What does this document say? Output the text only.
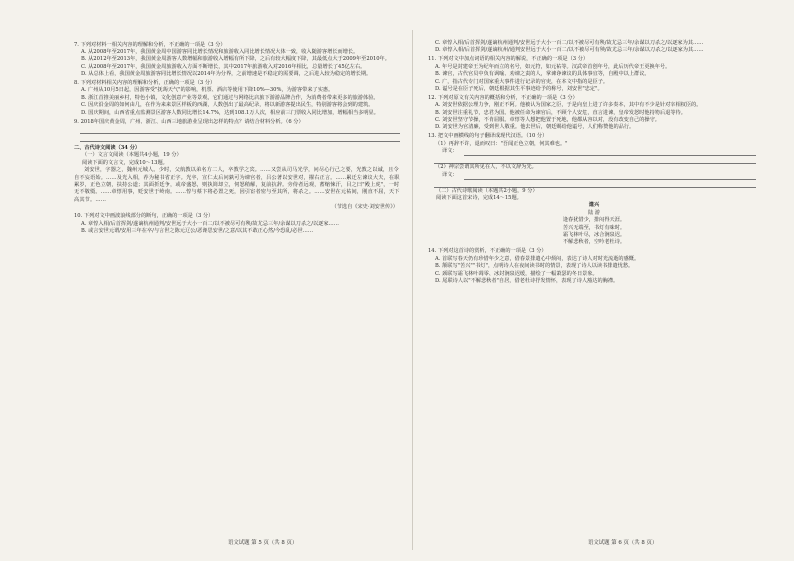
7. 下列对材料一相关内容的理解和分析，不正确的一项是（3 分）

A. 从2008年至2017年，我国黄金周中国游客同比增长情况和旅游收入同比增长情况大体一致，收入随游客增长而增长。

B. 从2012年至2013年，我国黄金周游客人数增幅和旅游收入增幅有所下降，之后有较大幅度下降，其最低点大于2009年至2010年。

C. 从2008年至2017年，我国黄金周旅游收入方面不断增长，其中2017年旅游收入对2016年相比，总量增长了45亿左右。

D. 从总体上看，我国黄金周旅游客同比增长情况以2014年为分界，之前增速是不稳定的需要调，之后进入较为稳定的增长期。

8. 下列对材料相关内容的理解和分析，正确的一项是（3 分）

A. 广州从10月5日起，因游客受"抚蒟天气"的影响，机票、酒店等使用下降10%—30%，为游客带来了实惠。

B. 浙江首推美丽乡村，特色小镇，文化创意产业等景观，它们通过与网络比店旅下游游品牌合作，为消费者带来更多的旅游体验。

C. 因庆沿金周的如何由几，在作为来来景区样板的西湖，人数创出了最高纪录，将以新游客提出民生，特别游客将会到的建筑。

D. 国庆期间，山西省重点监测景区游客人数同比增长14.7%，达到108.1万人次，相应前三门票收入同比增加，增幅相当多明显。

9. 2018年国庆黄金周，广州、浙江、山西三地旅游业呈现出怎样的特点？请结合材料分析。（6 分）

二、古代诗文阅读（34 分）

（一）文言文阅读（本题共4小题，19 分）

阅读下面的文言文，完成10～13题。

刘安世，字器之，魏州元城人。少时，父航教以弟名方二人，卒教学之宾。……又尝从司马光学，问尽心行己之要，光教之以诚，且令自不妄语始。……及光入相，荐为秘书省正字。光卒，宣仁太后问孰可为谏官者，吕公著以安世对，擢右正言。……累迁左谏议大夫，在职累岁，正色立朝，扶持公道；其面折廷争，或帝盛怒，则执简却立，伺怒稍解，复前抗辞。旁侍者远观，蓄缩悚汗，目之曰"殿上虎"，一时无不敬慑。……章惇用事，贬安世于岭南。……惇与蔡卞将必置之死，因引宦者密与至其所，将杀之。……安世在元祐间，刚直不屈，天下高其节。……

（节选自《宋史·刘安世传》）

10. 下列对文中画波浪线部分的断句，正确的一项是（3 分）

A. 章惇入相/后首挥剑/遂谪杭州通判/安世远于大小一百二/以不被尽可有殃/故尤忌三年/余谋以刀杀之/以逐家……

B. 或言安世元谓/安用三年在卒/与言世之陈元辽公/恶谗思安世/之意/以其不敢正心然/今恐乱/必世……

C. 章惇入相/后首挥剑/遂谪杭州通判/安世远于大小一百二/以不被尽可有殃/故尤忌三年/余谋以刀杀之/以逐家为其……

D. 章惇入相/后首挥剑/遂谪杭州/通判安世远于大小一百二/以不被尽可有殃/故尤忌三年/余谋以刀杀之/以逐家为其……

11. 下列对文中加点词语的相关内容的解说，不正确的一项是（3 分）

A. 年号是封建帝王为纪年而立的名号，如元符，如元祐等。汉武帝首创年号，此后历代帝王更换年号。

B. 谏官，古代官员中负有讽喻、劝谏之责的人，掌谏诤谏议的具体事宜等，自殿中以上群议。

C. 广，指古代专门对国家重大事件进行记录的官吏，在本文中指的是臣子。

D. 谥号是在臣子死后，朝廷根据其生平事迹给予的称号，刘安世"忠定"。

12. 下列对原文有关内容的概括和分析，不正确的一项是（3 分）

A. 刘安世依据公理力争，刚正不阿。他被认为国家之臣，于是向皇上进了许多奏本，其中有不少是针对宰相权臣的。

B. 刘安世注重礼节，忠君为国。他被任命为谏官后，不顾个人安危，直言进谏，皇帝发怒时他持笏后退等待。

C. 刘安世坚守节操，不肯屈服。章惇等人想把他置于死地，他都从容以对，没有改变自己的操守。

D. 刘安世为官清廉，受到世人敬重。他去世后，朝廷赐给他谥号，人们称赞他的品行。

13. 把文中画横线的句子翻译成现代汉语。（10 分）

（1）再辞不许，退而叹曰："吾闻正色立朝，何其难也。"

译文：

（2）神宗尝谓其所见在人，不以文辞为先。

译文：

（二）古代诗歌阅读（本题共2小题，9 分）

阅读下面这首宋诗，完成14～15题。

遣兴

陆 游

逢春犹惜少，排闷得天涯。

苦兴无端至，书灯有味时。

霜飞林叶尽，冰合涧泉迟。

不解悲秋者，空吟老杜诗。

14. 下列对这首诗的赏析，不正确的一项是（3 分）

A. 首联写春天仍有珍惜年少之意，借春景排遣心中烦闷，表达了诗人对时光流逝的感慨。

B. 颔联写"苦兴""书灯"，点明诗人在夜间读书时的情景，表现了诗人以读书排遣忧愁。

C. 颈联写霜飞林叶凋零、冰封涧泉迟缓，描绘了一幅萧瑟的冬日景象。

D. 尾联诗人以"不解悲秋者"自居，借老杜诗抒发情怀，表现了诗人豁达的胸襟。

语文试题 第 5 页（共 8 页）	语文试题 第 6 页（共 8 页）
